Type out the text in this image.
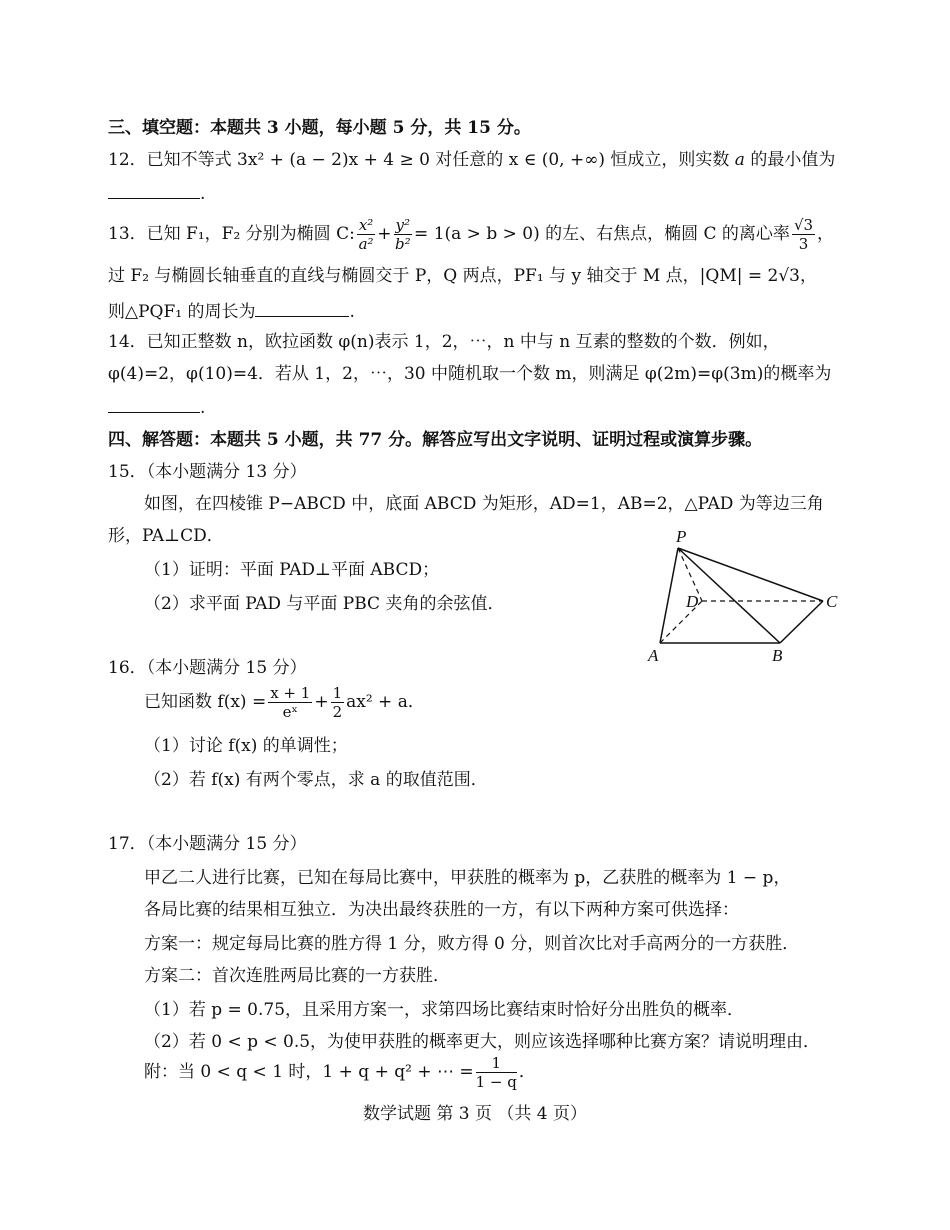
三、填空题：本题共 3 小题，每小题 5 分，共 15 分。
12．已知不等式 3x² + (a − 2)x + 4 ≥ 0 对任意的 x ∈ (0, +∞) 恒成立，则实数 a 的最小值为
.
13．已知 F₁，F₂ 分别为椭圆 C: $\frac{\text{x²}}{\text{a²}} + \frac{\text{y²}}{\text{b²}} = 1(a > b > 0)$ 的左、右焦点，椭圆 C 的离心率 $\frac{√3}{3}$ ，
过 F₂ 与椭圆长轴垂直的直线与椭圆交于 P，Q 两点，PF₁ 与 y 轴交于 M 点，|QM| = 2√3，
则△PQF₁ 的周长为	.
14．已知正整数 n，欧拉函数 φ(n)表示 1，2，⋯，n 中与 n 互素的整数的个数．例如，
φ(4)=2，φ(10)=4．若从 1，2，⋯，30 中随机取一个数 m，则满足 φ(2m)=φ(3m)的概率为
.
四、解答题：本题共 5 小题，共 77 分。解答应写出文字说明、证明过程或演算步骤。
15．（本小题满分 13 分）
如图，在四棱锥 P−ABCD 中，底面 ABCD 为矩形，AD=1，AB=2，△PAD 为等边三角
形，PA⊥CD．
（1）证明：平面 PAD⊥平面 ABCD；
（2）求平面 PAD 与平面 PBC 夹角的余弦值．
P
D	C
A	B
16．（本小题满分 15 分）
已知函数 $f(x) = \frac{x + 1}{\text{eˣ}} + \frac{1}{2} ax^2 + a$．
（1）讨论 f(x) 的单调性；
（2）若 f(x) 有两个零点，求 a 的取值范围．
17．（本小题满分 15 分）
甲乙二人进行比赛，已知在每局比赛中，甲获胜的概率为 p，乙获胜的概率为 1 − p，
各局比赛的结果相互独立．为决出最终获胜的一方，有以下两种方案可供选择：
方案一：规定每局比赛的胜方得 1 分，败方得 0 分，则首次比对手高两分的一方获胜．
方案二：首次连胜两局比赛的一方获胜．
（1）若 p = 0.75，且采用方案一，求第四场比赛结束时恰好分出胜负的概率．
（2）若 0 < p < 0.5，为使甲获胜的概率更大，则应该选择哪种比赛方案？请说明理由．
附：当 0 < q < 1 时，1 + q + q² + ⋯ = $\frac{1}{1 - q}$ ．
数学试题 第 3 页 （共 4 页）
